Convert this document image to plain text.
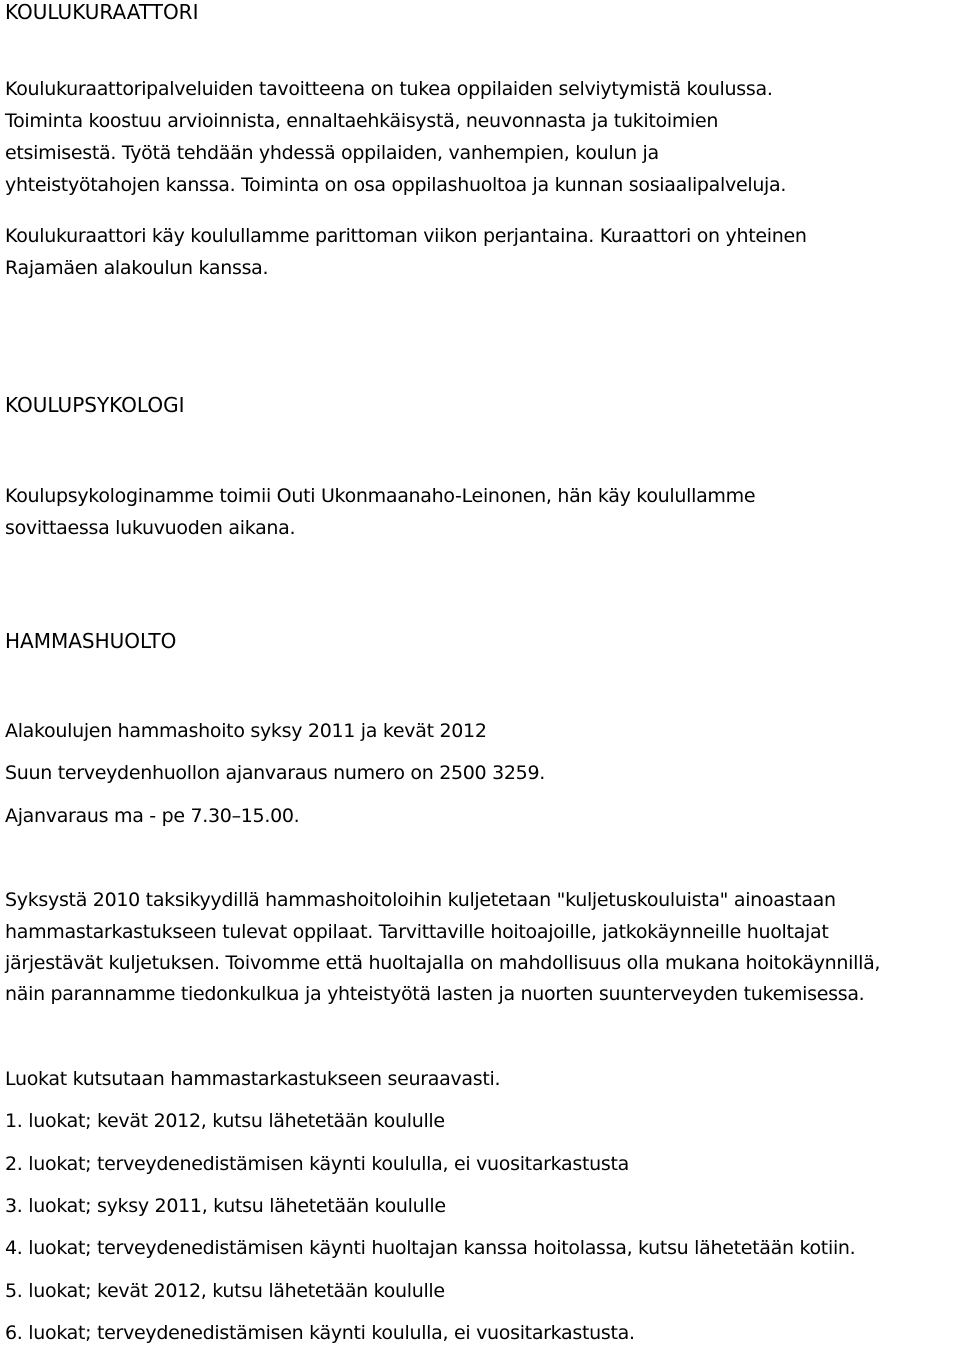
KOULUKURAATTORI
Koulukuraattoripalveluiden tavoitteena on tukea oppilaiden selviytymistä koulussa.
Toiminta koostuu arvioinnista, ennaltaehkäisystä, neuvonnasta ja tukitoimien
etsimisestä. Työtä tehdään yhdessä oppilaiden, vanhempien, koulun ja
yhteistyötahojen kanssa. Toiminta on osa oppilashuoltoa ja kunnan sosiaalipalveluja.
Koulukuraattori käy koulullamme parittoman viikon perjantaina. Kuraattori on yhteinen
Rajamäen alakoulun kanssa.
KOULUPSYKOLOGI
Koulupsykologinamme toimii Outi Ukonmaanaho-Leinonen, hän käy koulullamme
sovittaessa lukuvuoden aikana.
HAMMASHUOLTO
Alakoulujen hammashoito syksy 2011 ja kevät 2012
Suun terveydenhuollon ajanvaraus numero on 2500 3259.
Ajanvaraus ma - pe 7.30–15.00.
Syksystä 2010 taksikyydillä hammashoitoloihin kuljetetaan "kuljetuskouluista" ainoastaan
hammastarkastukseen tulevat oppilaat. Tarvittaville hoitoajoille, jatkokäynneille huoltajat
järjestävät kuljetuksen. Toivomme että huoltajalla on mahdollisuus olla mukana hoitokäynnillä,
näin parannamme tiedonkulkua ja yhteistyötä lasten ja nuorten suunterveyden tukemisessa.
Luokat kutsutaan hammastarkastukseen seuraavasti.
1. luokat; kevät 2012, kutsu lähetetään koululle
2. luokat; terveydenedistämisen käynti koululla, ei vuositarkastusta
3. luokat; syksy 2011, kutsu lähetetään koululle
4. luokat; terveydenedistämisen käynti huoltajan kanssa hoitolassa, kutsu lähetetään kotiin.
5. luokat; kevät 2012, kutsu lähetetään koululle
6. luokat; terveydenedistämisen käynti koululla, ei vuositarkastusta.
